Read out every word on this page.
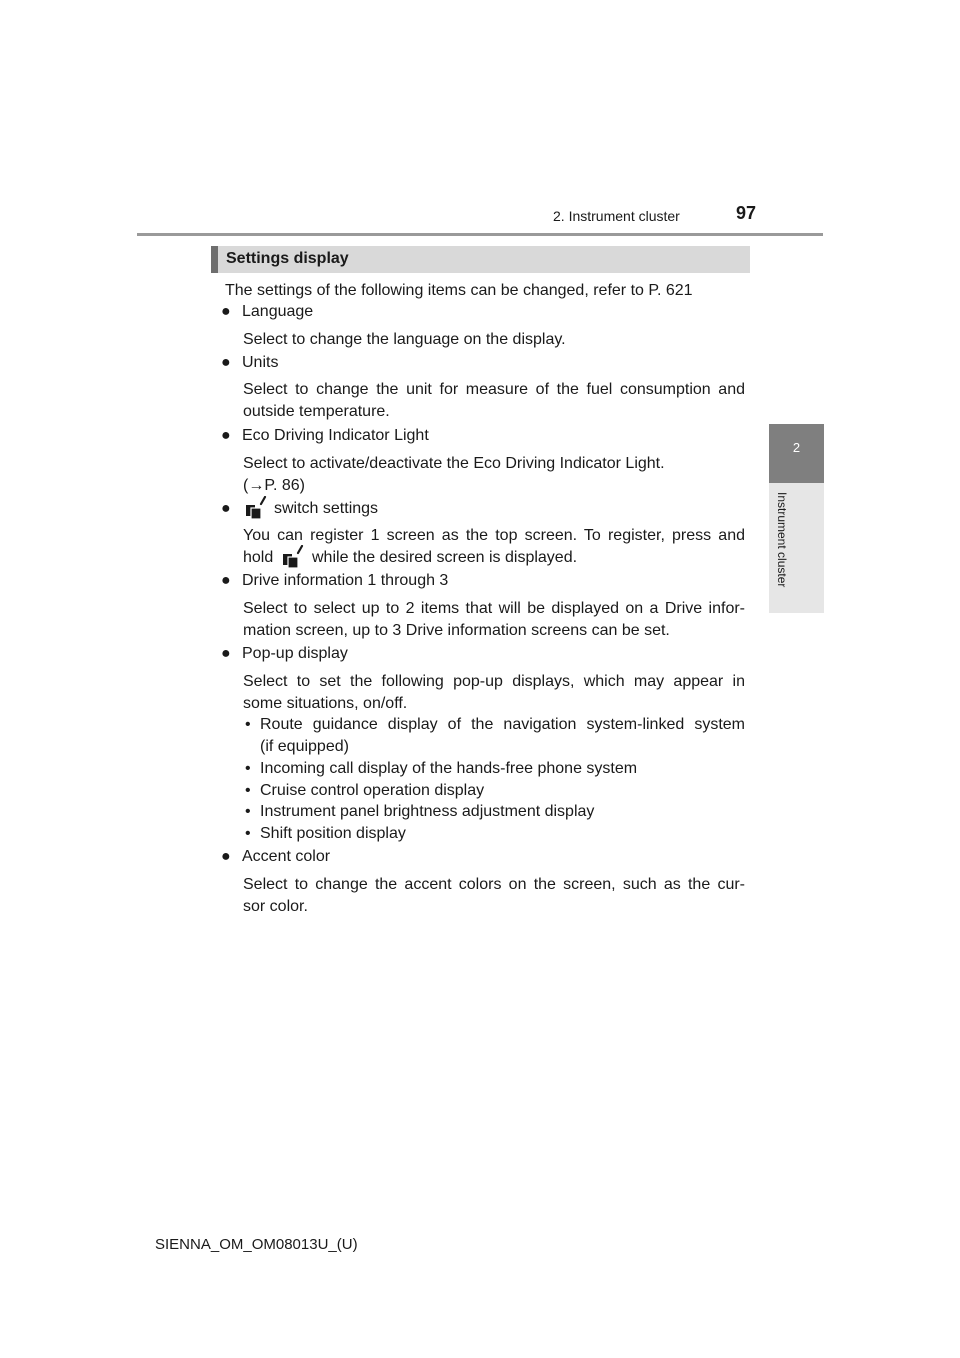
2. Instrument cluster	97
2
Instrument cluster
Settings display
The settings of the following items can be changed, refer to P. 621
● Language
Select to change the language on the display.
● Units
Select to change the unit for measure of the fuel consumption and
outside temperature.
● Eco Driving Indicator Light
Select to activate/deactivate the Eco Driving Indicator Light.
(→P. 86)
●	switch settings
You can register 1 screen as the top screen. To register, press and
hold while the desired screen is displayed.
● Drive information 1 through 3
Select to select up to 2 items that will be displayed on a Drive infor-
mation screen, up to 3 Drive information screens can be set.
● Pop-up display
Select to set the following pop-up displays, which may appear in
some situations, on/off.
• Route guidance display of the navigation system-linked system
(if equipped)
• Incoming call display of the hands-free phone system
• Cruise control operation display
• Instrument panel brightness adjustment display
• Shift position display
● Accent color
Select to change the accent colors on the screen, such as the cur-
sor color.
SIENNA_OM_OM08013U_(U)
